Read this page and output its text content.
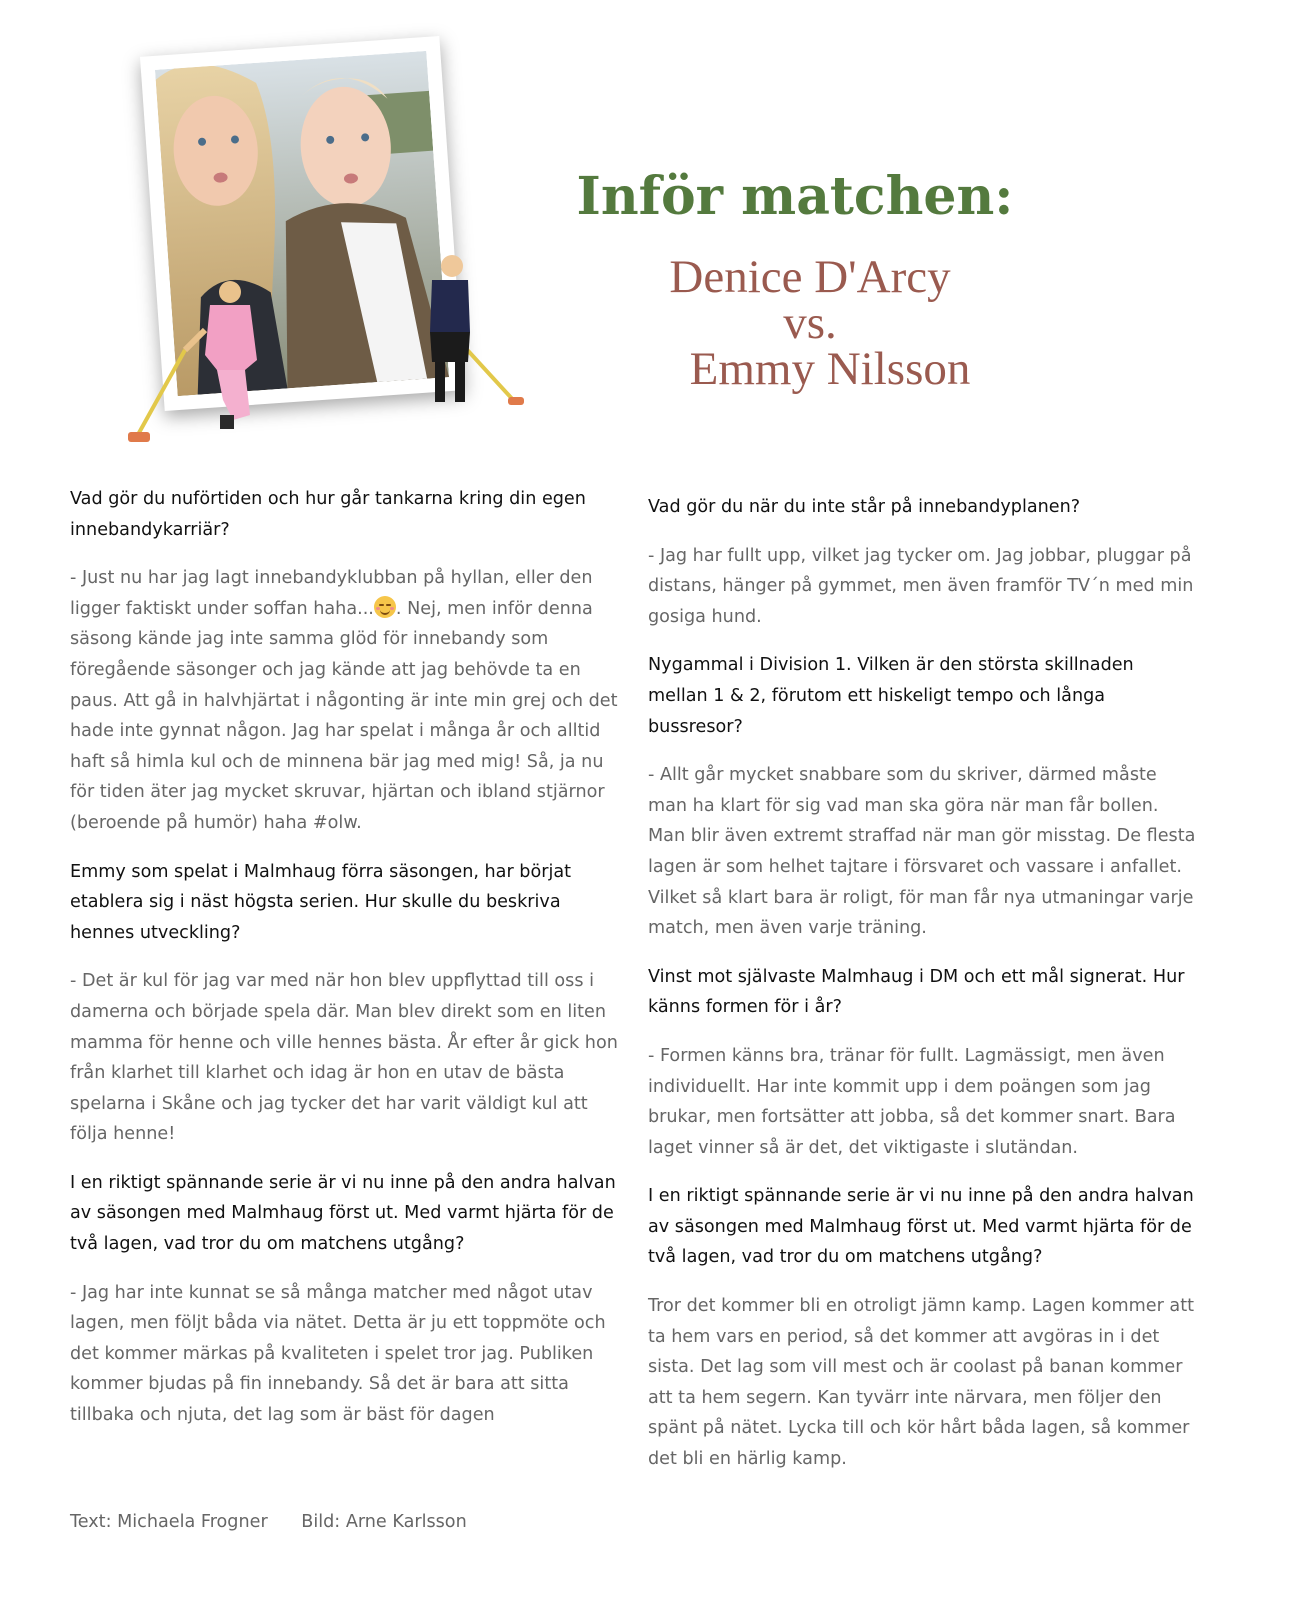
Inför matchen:
Denice D'Arcy
vs.
Emmy Nilsson

Vad gör du nuförtiden och hur går tankarna kring din egen innebandykarriär?

- Just nu har jag lagt innebandyklubban på hyllan, eller den ligger faktiskt under soffan haha... . Nej, men inför denna säsong kände jag inte samma glöd för innebandy som föregående säsonger och jag kände att jag behövde ta en paus. Att gå in halvhjärtat i någonting är inte min grej och det hade inte gynnat någon. Jag har spelat i många år och alltid haft så himla kul och de minnena bär jag med mig! Så, ja nu för tiden äter jag mycket skruvar, hjärtan och ibland stjärnor (beroende på humör) haha #olw.

Emmy som spelat i Malmhaug förra säsongen, har börjat etablera sig i näst högsta serien. Hur skulle du beskriva hennes utveckling?

- Det är kul för jag var med när hon blev uppflyttad till oss i damerna och började spela där. Man blev direkt som en liten mamma för henne och ville hennes bästa. År efter år gick hon från klarhet till klarhet och idag är hon en utav de bästa spelarna i Skåne och jag tycker det har varit väldigt kul att följa henne!

I en riktigt spännande serie är vi nu inne på den andra halvan av säsongen med Malmhaug först ut. Med varmt hjärta för de två lagen, vad tror du om matchens utgång?

- Jag har inte kunnat se så många matcher med något utav lagen, men följt båda via nätet. Detta är ju ett toppmöte och det kommer märkas på kvaliteten i spelet tror jag. Publiken kommer bjudas på fin innebandy. Så det är bara att sitta tillbaka och njuta, det lag som är bäst för dagen

Vad gör du när du inte står på innebandyplanen?

- Jag har fullt upp, vilket jag tycker om. Jag jobbar, pluggar på distans, hänger på gymmet, men även framför TV´n med min gosiga hund.

Nygammal i Division 1. Vilken är den största skillnaden mellan 1 & 2, förutom ett hiskeligt tempo och långa bussresor?

- Allt går mycket snabbare som du skriver, därmed måste man ha klart för sig vad man ska göra när man får bollen. Man blir även extremt straffad när man gör misstag. De flesta lagen är som helhet tajtare i försvaret och vassare i anfallet. Vilket så klart bara är roligt, för man får nya utmaningar varje match, men även varje träning.

Vinst mot självaste Malmhaug i DM och ett mål signerat. Hur känns formen för i år?

- Formen känns bra, tränar för fullt. Lagmässigt, men även individuellt. Har inte kommit upp i dem poängen som jag brukar, men fortsätter att jobba, så det kommer snart. Bara laget vinner så är det, det viktigaste i slutändan.

I en riktigt spännande serie är vi nu inne på den andra halvan av säsongen med Malmhaug först ut. Med varmt hjärta för de två lagen, vad tror du om matchens utgång?

Tror det kommer bli en otroligt jämn kamp. Lagen kommer att ta hem vars en period, så det kommer att avgöras in i det sista. Det lag som vill mest och är coolast på banan kommer att ta hem segern. Kan tyvärr inte närvara, men följer den spänt på nätet. Lycka till och kör hårt båda lagen, så kommer det bli en härlig kamp.

Text: Michaela Frogner Bild: Arne Karlsson
